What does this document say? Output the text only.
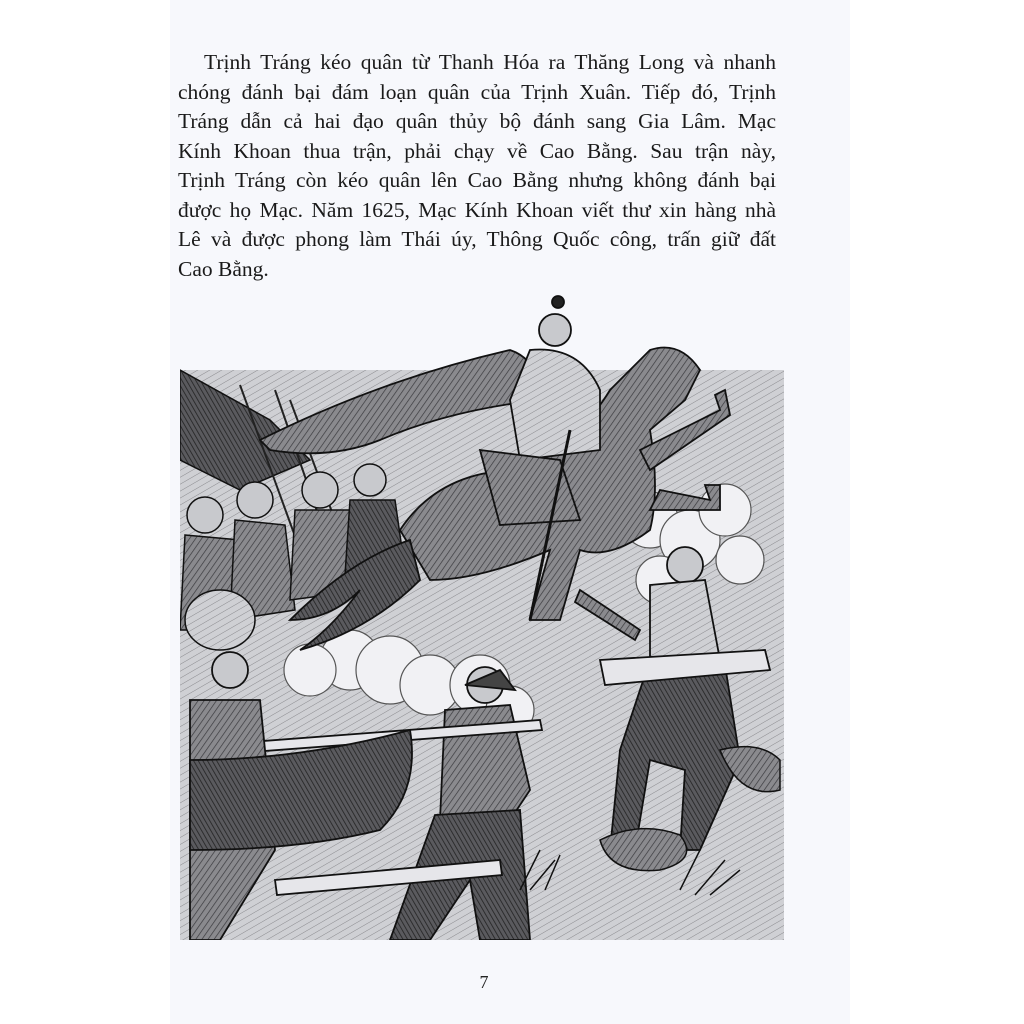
Trịnh Tráng kéo quân từ Thanh Hóa ra Thăng Long và nhanh
chóng đánh bại đám loạn quân của Trịnh Xuân. Tiếp đó, Trịnh
Tráng dẫn cả hai đạo quân thủy bộ đánh sang Gia Lâm. Mạc
Kính Khoan thua trận, phải chạy về Cao Bằng. Sau trận này,
Trịnh Tráng còn kéo quân lên Cao Bằng nhưng không đánh bại
được họ Mạc. Năm 1625, Mạc Kính Khoan viết thư xin hàng nhà
Lê và được phong làm Thái úy, Thông Quốc công, trấn giữ đất
Cao Bằng.
7
